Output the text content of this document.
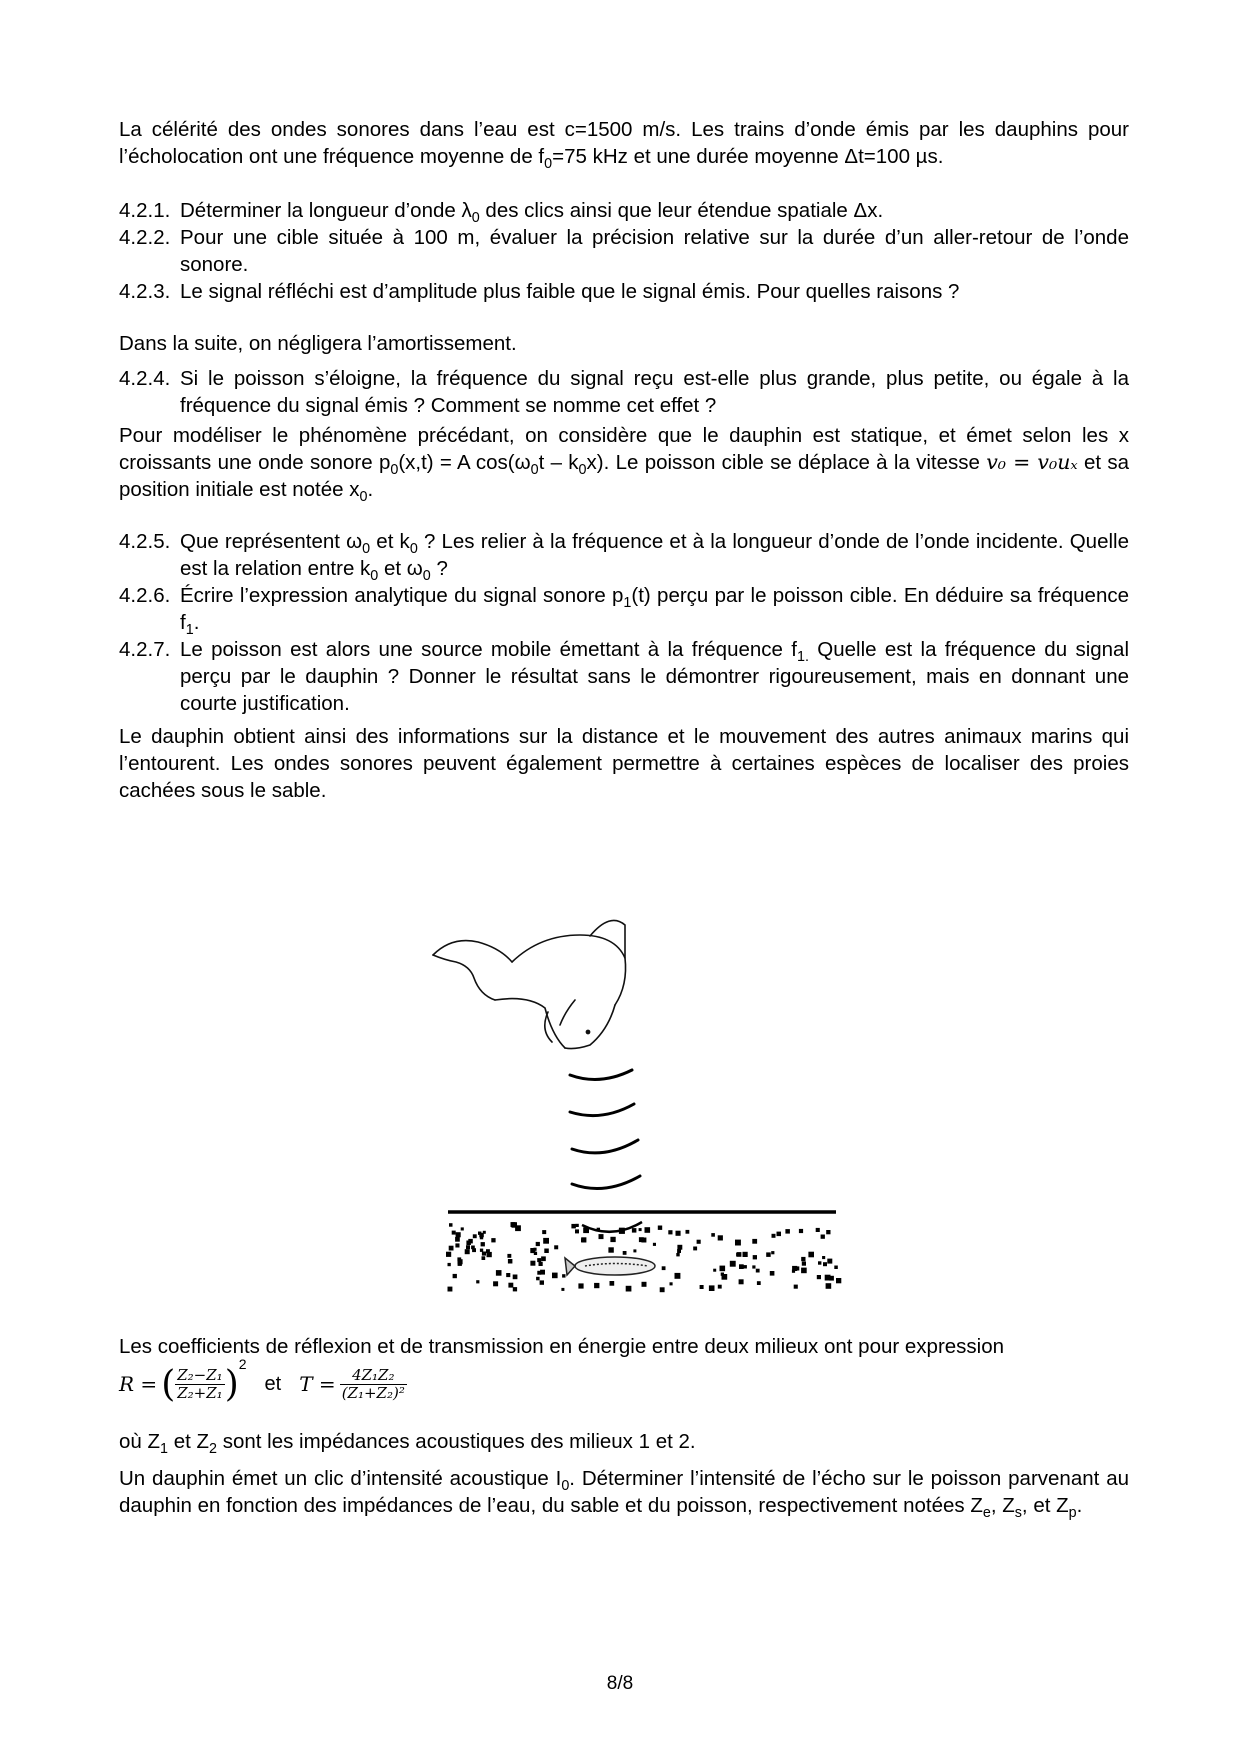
La célérité des ondes sonores dans l’eau est c=1500 m/s. Les trains d’onde émis par les dauphins pour l’écholocation ont une fréquence moyenne de $f_0=75$ kHz et une durée moyenne Δt=100 µs.

4.2.1. Déterminer la longueur d’onde $\lambda_0$ des clics ainsi que leur étendue spatiale Δx.
4.2.2. Pour une cible située à 100 m, évaluer la précision relative sur la durée d’un aller-retour de l’onde sonore.
4.2.3. Le signal réfléchi est d’amplitude plus faible que le signal émis. Pour quelles raisons ?

Dans la suite, on négligera l’amortissement.

4.2.4. Si le poisson s’éloigne, la fréquence du signal reçu est-elle plus grande, plus petite, ou égale à la fréquence du signal émis ? Comment se nomme cet effet ?

Pour modéliser le phénomène précédant, on considère que le dauphin est statique, et émet selon les x croissants une onde sonore $p_0(x,t) = A$ $\cos(\omega_0t - k_0x)$. Le poisson cible se déplace à la vitesse v₀ = v₀uₓ et sa position initiale est notée $x_0$.

4.2.5. Que représentent $\omega_0$ et $k_0$ ? Les relier à la fréquence et à la longueur d’onde de l’onde incidente. Quelle est la relation entre $k_0$ et $\omega_0$ ?
4.2.6. Écrire l’expression analytique du signal sonore $p_1(t)$ perçu par le poisson cible. En déduire sa fréquence $f_1$.
4.2.7. Le poisson est alors une source mobile émettant à la fréquence $f_{1.}$ Quelle est la fréquence du signal perçu par le dauphin ? Donner le résultat sans le démontrer rigoureusement, mais en donnant une courte justification.

Le dauphin obtient ainsi des informations sur la distance et le mouvement des autres animaux marins qui l’entourent. Les ondes sonores peuvent également permettre à certaines espèces de localiser des proies cachées sous le sable.

Les coefficients de réflexion et de transmission en énergie entre deux milieux ont pour expression

R = ( $\frac{\text{Z₂−Z₁}}{\text{Z₂+Z₁}}$ ) 2
et $T = \frac{\text{4Z₁Z₂}}{\text{(Z₁+Z₂)²}}$

où $Z_1$ et $Z_2$ sont les impédances acoustiques des milieux 1 et 2.

Un dauphin émet un clic d’intensité acoustique $I_0$. Déterminer l’intensité de l’écho sur le poisson parvenant au dauphin en fonction des impédances de l’eau, du sable et du poisson, respectivement notées $Z_e$, $Z_s$, et $Z_p$.

8/8
